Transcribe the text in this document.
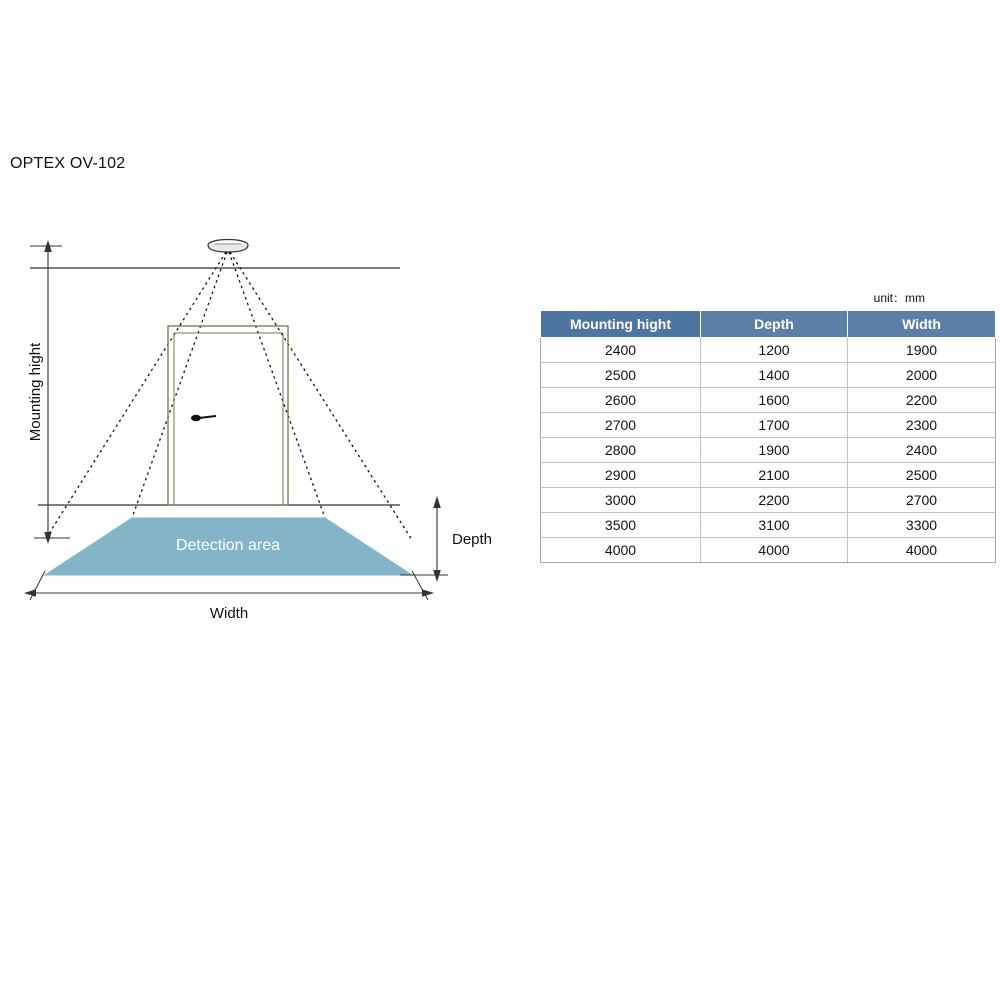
OPTEX OV-102
Detection area
Mounting hight
Width
Depth
unit：mm
Mounting hight	Depth	Width
2400	1200	1900
2500	1400	2000
2600	1600	2200
2700	1700	2300
2800	1900	2400
2900	2100	2500
3000	2200	2700
3500	3100	3300
4000	4000	4000
